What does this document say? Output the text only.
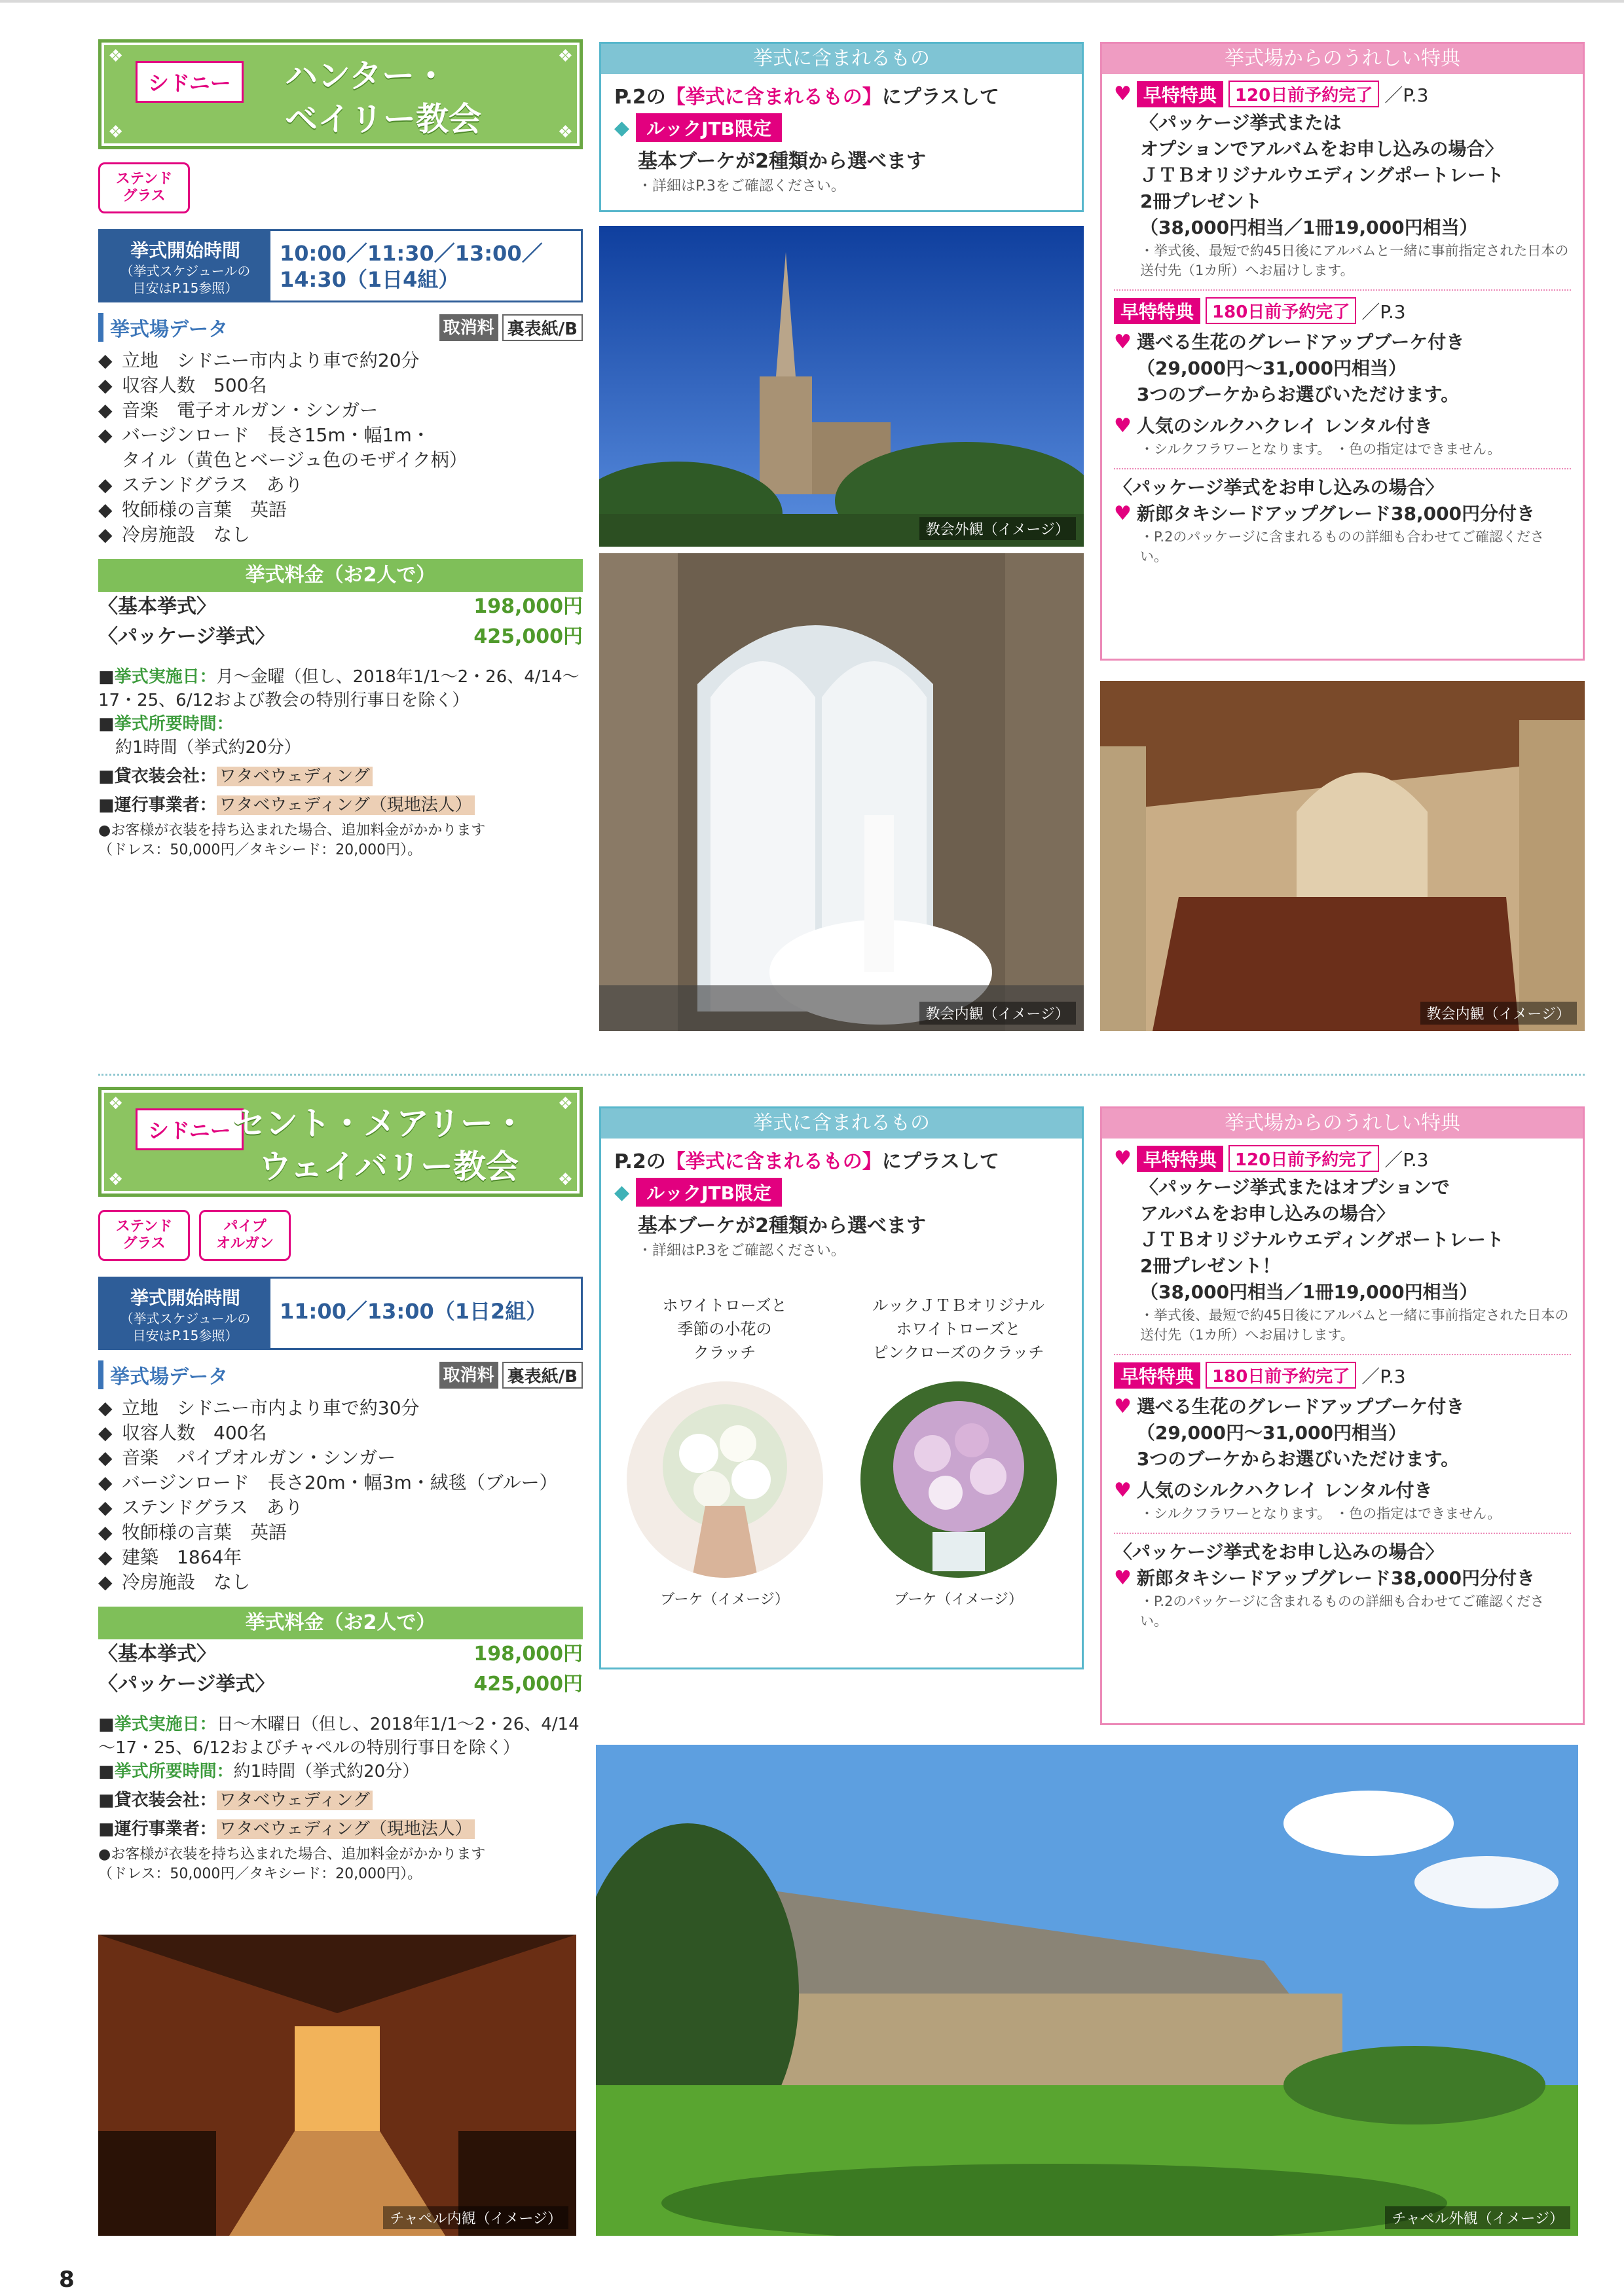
❖	❖
❖	❖
シドニー	ハンター・
ベイリー教会
ステンド
グラス
挙式開始時間
（挙式スケジュールの
目安はP.15参照）
10:00／11:30／13:00／
14:30（1日4組）
挙式場データ	取消料 裏表紙/B
◆ 立地　シドニー市内より車で約20分
◆ 収容人数　500名
◆ 音楽　電子オルガン・シンガー
◆ バージンロード　長さ15m・幅1m・
タイル（黄色とベージュ色のモザイク柄）
◆ ステンドグラス　あり
◆ 牧師様の言葉　英語
◆ 冷房施設　なし
挙式料金（お2人で）
〈基本挙式〉	198,000円
〈パッケージ挙式〉	425,000円
■挙式実施日：月～金曜（但し、2018年1/1～2・26、4/14～17・25、6/12および教会の特別行事日を除く）
■挙式所要時間：
約1時間（挙式約20分）
■貸衣装会社： ワタベウェディング
■運行事業者： ワタベウェディング（現地法人）
●お客様が衣装を持ち込まれた場合、追加料金がかかります
（ドレス：50,000円／タキシード：20,000円）。
挙式に含まれるもの
P.2の【挙式に含まれるもの】にプラスして
◆ ルックJTB限定
基本ブーケが2種類から選べます
・詳細はP.3をご確認ください。
教会外観（イメージ）
教会内観（イメージ）
挙式場からのうれしい特典
♥ 早特特典	120日前予約完了 ／P.3
〈パッケージ挙式または
オプションでアルバムをお申し込みの場合〉
ＪＴＢオリジナルウエディングポートレート
2冊プレゼント
（38,000円相当／1冊19,000円相当）
・挙式後、最短で約45日後にアルバムと一緒に事前指定された日本の送付先（1カ所）へお届けします。
早特特典	180日前予約完了 ／P.3
♥ 選べる生花のグレードアップブーケ付き
（29,000円～31,000円相当）
3つのブーケからお選びいただけます。
♥ 人気のシルクハクレイ レンタル付き
・シルクフラワーとなります。 ・色の指定はできません。
〈パッケージ挙式をお申し込みの場合〉
♥ 新郎タキシードアップグレード38,000円分付き
・P.2のパッケージに含まれるものの詳細も合わせてご確認ください。
教会内観（イメージ）
❖	❖
❖	❖
シドニー セント・メアリー・
ウェイバリー教会
ステンド
グラス
パイプ
オルガン
挙式開始時間
（挙式スケジュールの
目安はP.15参照）
11:00／13:00（1日2組）
挙式場データ	取消料 裏表紙/B
◆ 立地　シドニー市内より車で約30分
◆ 収容人数　400名
◆ 音楽　パイプオルガン・シンガー
◆ バージンロード　長さ20m・幅3m・絨毯（ブルー）
◆ ステンドグラス　あり
◆ 牧師様の言葉　英語
◆ 建築　1864年
◆ 冷房施設　なし
挙式料金（お2人で）
〈基本挙式〉	198,000円
〈パッケージ挙式〉	425,000円
■挙式実施日：日～木曜日（但し、2018年1/1～2・26、4/14～17・25、6/12およびチャペルの特別行事日を除く）
■挙式所要時間：約1時間（挙式約20分）
■貸衣装会社： ワタベウェディング
■運行事業者： ワタベウェディング（現地法人）
●お客様が衣装を持ち込まれた場合、追加料金がかかります
（ドレス：50,000円／タキシード：20,000円）。
チャペル内観（イメージ）
挙式に含まれるもの
P.2の【挙式に含まれるもの】にプラスして
◆ ルックJTB限定
基本ブーケが2種類から選べます
・詳細はP.3をご確認ください。
ホワイトローズと
季節の小花の
クラッチ
ブーケ（イメージ）
ルックＪＴＢオリジナル
ホワイトローズと
ピンクローズのクラッチ
ブーケ（イメージ）
チャペル外観（イメージ）
挙式場からのうれしい特典
♥ 早特特典	120日前予約完了 ／P.3
〈パッケージ挙式またはオプションで
アルバムをお申し込みの場合〉
ＪＴＢオリジナルウエディングポートレート
2冊プレゼント！
（38,000円相当／1冊19,000円相当）
・挙式後、最短で約45日後にアルバムと一緒に事前指定された日本の送付先（1カ所）へお届けします。
早特特典	180日前予約完了 ／P.3
♥ 選べる生花のグレードアップブーケ付き
（29,000円～31,000円相当）
3つのブーケからお選びいただけます。
♥ 人気のシルクハクレイ レンタル付き
・シルクフラワーとなります。 ・色の指定はできません。
〈パッケージ挙式をお申し込みの場合〉
♥ 新郎タキシードアップグレード38,000円分付き
・P.2のパッケージに含まれるものの詳細も合わせてご確認ください。
8
